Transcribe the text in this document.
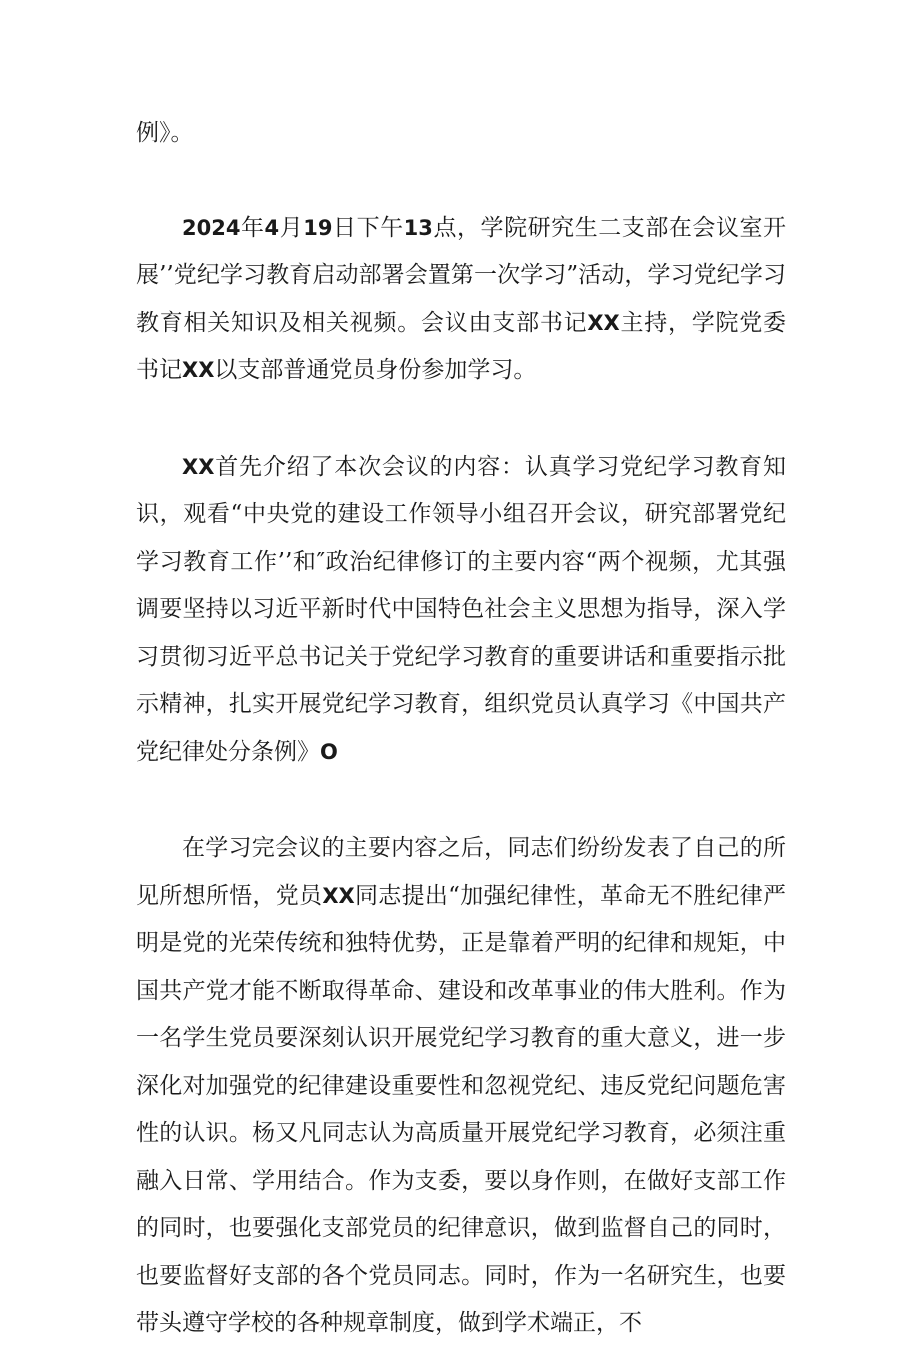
例》。

2024年4月19日下午13点，学院研究生二支部在会议室开展’’党纪学习教育启动部署会置第一次学习”活动，学习党纪学习教育相关知识及相关视频。会议由支部书记XX主持，学院党委书记XX以支部普通党员身份参加学习。

XX首先介绍了本次会议的内容：认真学习党纪学习教育知识，观看“中央党的建设工作领导小组召开会议，研究部署党纪学习教育工作’’和″政治纪律修订的主要内容“两个视频，尤其强调要坚持以习近平新时代中国特色社会主义思想为指导，深入学习贯彻习近平总书记关于党纪学习教育的重要讲话和重要指示批示精神，扎实开展党纪学习教育，组织党员认真学习《中国共产党纪律处分条例》O

在学习完会议的主要内容之后，同志们纷纷发表了自己的所见所想所悟，党员XX同志提出“加强纪律性，革命无不胜纪律严明是党的光荣传统和独特优势，正是靠着严明的纪律和规矩，中国共产党才能不断取得革命、建设和改革事业的伟大胜利。作为一名学生党员要深刻认识开展党纪学习教育的重大意义，进一步深化对加强党的纪律建设重要性和忽视党纪、违反党纪问题危害性的认识。杨又凡同志认为高质量开展党纪学习教育，必须注重融入日常、学用结合。作为支委，要以身作则，在做好支部工作的同时，也要强化支部党员的纪律意识，做到监督自己的同时，也要监督好支部的各个党员同志。同时，作为一名研究生，也要带头遵守学校的各种规章制度，做到学术端正，不
